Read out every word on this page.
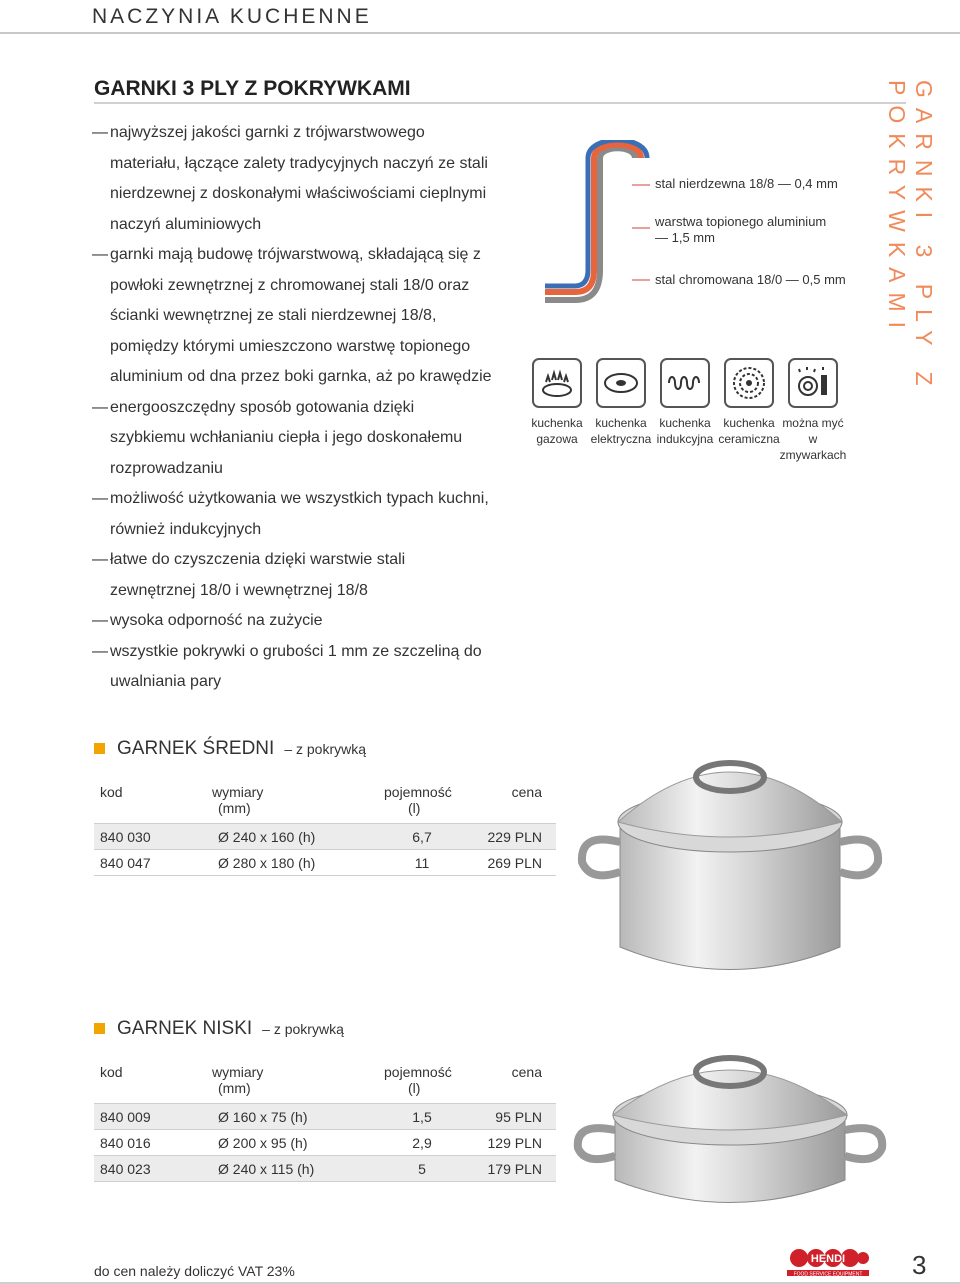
NACZYNIA KUCHENNE
GARNKI 3 PLY Z POKRYWKAMI
— najwyższej jakości garnki z trójwarstwowego materiału, łączące zalety tradycyjnych naczyń ze stali nierdzewnej z doskonałymi właściwościami cieplnymi naczyń aluminiowych
— garnki mają budowę trójwarstwową, składającą się z powłoki zewnętrznej z chromowanej stali 18/0 oraz ścianki wewnętrznej ze stali nierdzewnej 18/8, pomiędzy którymi umieszczono warstwę topionego aluminium od dna przez boki garnka, aż po krawędzie
— energooszczędny sposób gotowania dzięki szybkiemu wchłanianiu ciepła i jego doskonałemu rozprowadzaniu
— możliwość użytkowania we wszystkich typach kuchni, również indukcyjnych
— łatwe do czyszczenia dzięki warstwie stali zewnętrznej 18/0 i wewnętrznej 18/8
— wysoka odporność na zużycie
— wszystkie pokrywki o grubości 1 mm ze szczeliną do uwalniania pary
stal nierdzewna 18/8 — 0,4 mm
warstwa topionego aluminium
— 1,5 mm
stal chromowana 18/0 — 0,5 mm
kuchenka
gazowa
kuchenka
elektryczna
kuchenka
indukcyjna
kuchenka
ceramiczna
można myć
w zmywarkach
GARNKI 3 PLY Z POKRYWKAMI
GARNEK ŚREDNI – z pokrywką
kod	wymiary
(mm)
pojemność
(l)
cena
840 030	Ø 240 x 160 (h)	6,7	229 PLN
840 047	Ø 280 x 180 (h)	11	269 PLN
GARNEK NISKI – z pokrywką
kod	wymiary
(mm)
pojemność
(l)
cena
840 009	Ø 160 x 75 (h)	1,5	95 PLN
840 016	Ø 200 x 95 (h)	2,9	129 PLN
840 023	Ø 240 x 115 (h)	5	179 PLN
do cen należy doliczyć VAT 23%
HENDI
FOOD SERVICE EQUIPMENT 3
